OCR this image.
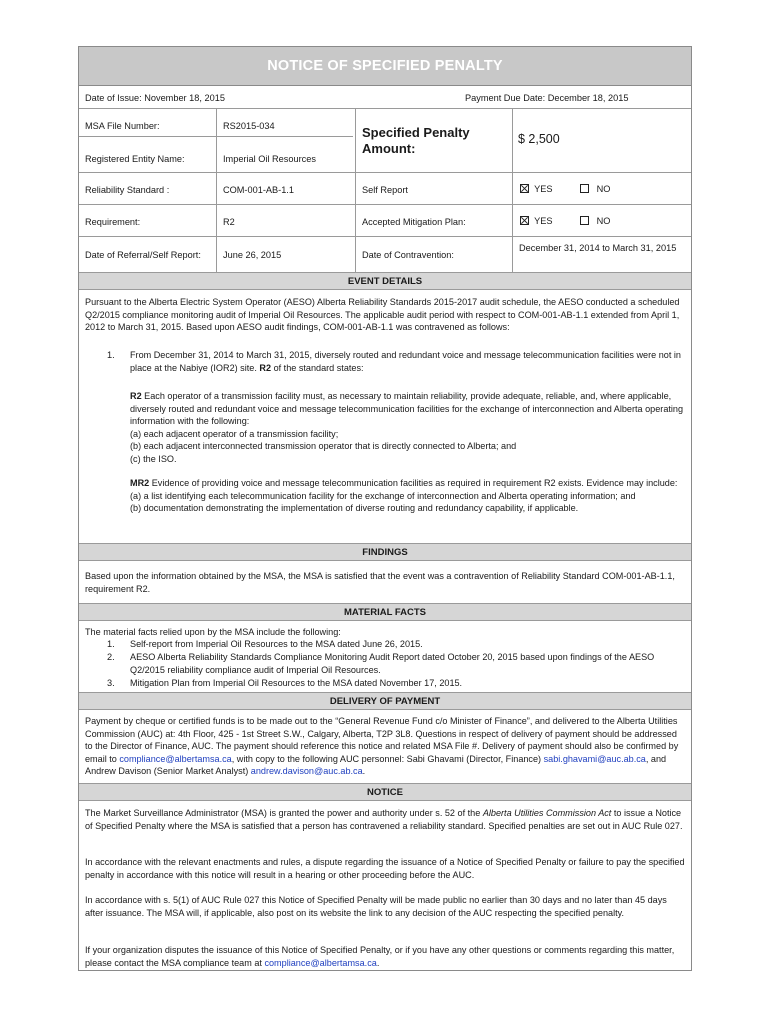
NOTICE OF SPECIFIED PENALTY
Date of Issue: November 18, 2015	Payment Due Date: December 18, 2015
MSA File Number:	RS2015-034
Registered Entity Name:	Imperial Oil Resources
Specified Penalty Amount:
$ 2,500
Reliability Standard :	COM-001-AB-1.1	Self Report	YES	NO
Requirement:	R2	Accepted Mitigation Plan:	YES	NO
Date of Referral/Self Report: June 26, 2015	Date of Contravention:
December 31, 2014 to March 31, 2015
EVENT DETAILS
Pursuant to the Alberta Electric System Operator (AESO) Alberta Reliability Standards 2015-2017 audit schedule, the AESO conducted a scheduled Q2/2015 compliance monitoring audit of Imperial Oil Resources. The applicable audit period with respect to COM-001-AB-1.1 extended from April 1, 2012 to March 31, 2015. Based upon AESO audit findings, COM-001-AB-1.1 was contravened as follows:
1. From December 31, 2014 to March 31, 2015, diversely routed and redundant voice and message telecommunication facilities were not in place at the Nabiye (IOR2) site. R2 of the standard states:
R2 Each operator of a transmission facility must, as necessary to maintain reliability, provide adequate, reliable, and, where applicable, diversely routed and redundant voice and message telecommunication facilities for the exchange of interconnection and Alberta operating information with the following:
(a) each adjacent operator of a transmission facility;
(b) each adjacent interconnected transmission operator that is directly connected to Alberta; and
(c) the ISO.
MR2 Evidence of providing voice and message telecommunication facilities as required in requirement R2 exists. Evidence may include:
(a) a list identifying each telecommunication facility for the exchange of interconnection and Alberta operating information; and
(b) documentation demonstrating the implementation of diverse routing and redundancy capability, if applicable.
FINDINGS
Based upon the information obtained by the MSA, the MSA is satisfied that the event was a contravention of Reliability Standard COM-001-AB-1.1, requirement R2.
MATERIAL FACTS
The material facts relied upon by the MSA include the following:
1. Self-report from Imperial Oil Resources to the MSA dated June 26, 2015.
2. AESO Alberta Reliability Standards Compliance Monitoring Audit Report dated October 20, 2015 based upon findings of the AESO Q2/2015 reliability compliance audit of Imperial Oil Resources.
3. Mitigation Plan from Imperial Oil Resources to the MSA dated November 17, 2015.
DELIVERY OF PAYMENT
Payment by cheque or certified funds is to be made out to the “General Revenue Fund c/o Minister of Finance”, and delivered to the Alberta Utilities Commission (AUC) at: 4th Floor, 425 - 1st Street S.W., Calgary, Alberta, T2P 3L8. Questions in respect of delivery of payment should be addressed to the Director of Finance, AUC. The payment should reference this notice and related MSA File #. Delivery of payment should also be confirmed by email to compliance@albertamsa.ca, with copy to the following AUC personnel: Sabi Ghavami (Director, Finance) sabi.ghavami@auc.ab.ca, and Andrew Davison (Senior Market Analyst) andrew.davison@auc.ab.ca.
NOTICE
The Market Surveillance Administrator (MSA) is granted the power and authority under s. 52 of the Alberta Utilities Commission Act to issue a Notice of Specified Penalty where the MSA is satisfied that a person has contravened a reliability standard. Specified penalties are set out in AUC Rule 027.
In accordance with the relevant enactments and rules, a dispute regarding the issuance of a Notice of Specified Penalty or failure to pay the specified penalty in accordance with this notice will result in a hearing or other proceeding before the AUC.
In accordance with s. 5(1) of AUC Rule 027 this Notice of Specified Penalty will be made public no earlier than 30 days and no later than 45 days after issuance. The MSA will, if applicable, also post on its website the link to any decision of the AUC respecting the specified penalty.
If your organization disputes the issuance of this Notice of Specified Penalty, or if you have any other questions or comments regarding this matter, please contact the MSA compliance team at compliance@albertamsa.ca.
